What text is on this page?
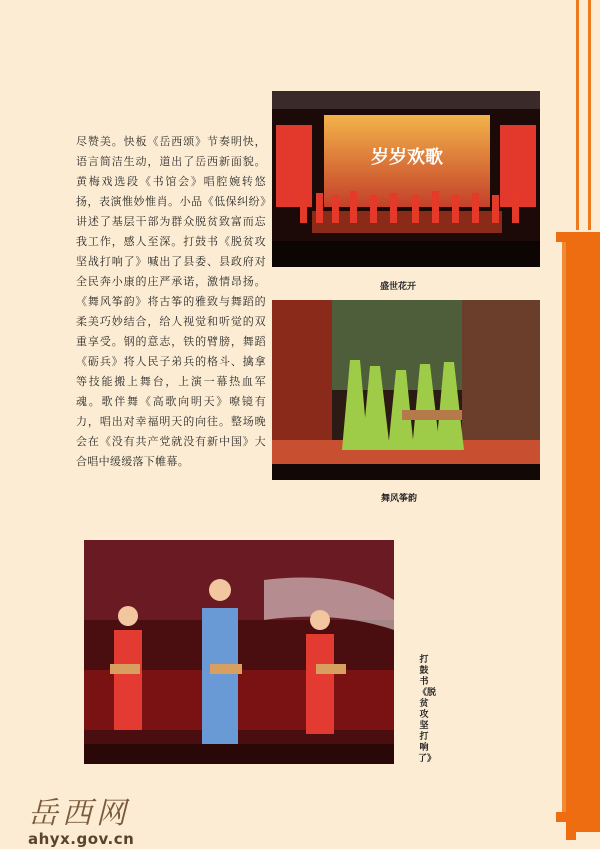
尽赞美。快板《岳西颂》节奏明快，语言简洁生动，道出了岳西新面貌。黄梅戏选段《书馆会》唱腔婉转悠扬，表演惟妙惟肖。小品《低保纠纷》讲述了基层干部为群众脱贫致富而忘我工作，感人至深。打鼓书《脱贫攻坚战打响了》喊出了县委、县政府对全民奔小康的庄严承诺，激情昂扬。《舞风筝韵》将古筝的雅致与舞蹈的柔美巧妙结合，给人视觉和听觉的双重享受。钢的意志，铁的臂膀，舞蹈《砺兵》将人民子弟兵的格斗、擒拿等技能搬上舞台，上演一幕热血军魂。歌伴舞《高歌向明天》嘹镜有力，唱出对幸福明天的向往。整场晚会在《没有共产党就没有新中国》大合唱中缓缓落下帷幕。

岁岁欢歌
盛世花开
舞风筝韵
打鼓书《脱贫攻坚打响了》
岳西网
ahyx.gov.cn
